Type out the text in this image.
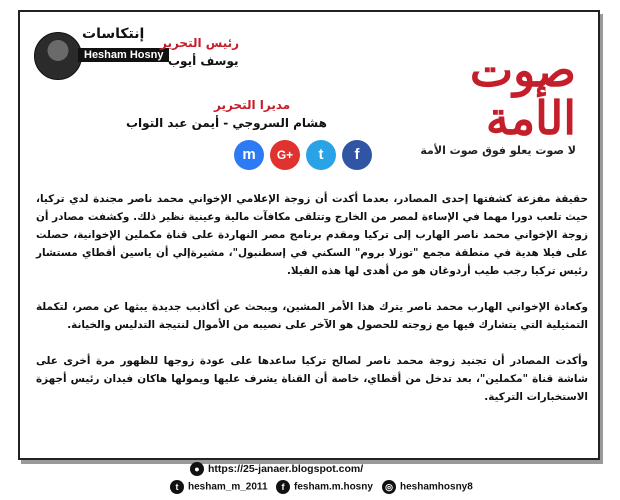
صوت الأمة
لا صوت يعلو فوق صوت الأمة
إنتكاسات
Hesham Hosny
رئيس التحرير
يوسف أيوب
مديرا التحرير
هشام السروجي - أيمن عبد التواب
m	G+	t	f

حقيقة مفزعة كشفتها إحدى المصادر، بعدما أكدت أن زوجة الإعلامي الإخواني محمد ناصر مجندة لدي تركيا، حيث تلعب دورا مهما في الإساءة لمصر من الخارج وتتلقى مكافآت مالية وعينية نظير ذلك. وكشفت مصادر أن زوجة الإخواني محمد ناصر الهارب إلى تركيا ومقدم برنامج مصر النهاردة على قناة مكملين الإخوانية، حصلت على فيلا هدية في منطقة مجمع "توزلا بروم" السكني في إسطنبول"، مشيرةإلي أن ياسين أقطاي مستشار رئيس تركيا رجب طيب أردوغان هو من أهدى لها هذه الفيلا.

وكعادة الإخواني الهارب محمد ناصر يترك هذا الأمر المشين، ويبحث عن أكاذيب جديدة يبثها عن مصر، لتكملة التمثيلية التي يتشارك فيها مع زوجته للحصول هو الآخر على نصيبه من الأموال لنتيجة التدليس والخيانة.

وأكدت المصادر أن تجنيد زوجة محمد ناصر لصالح تركيا ساعدها على عودة زوجها للظهور مرة أخرى على شاشة قناة "مكملين"، بعد تدخل من أقطاي، خاصة أن القناة يشرف عليها ويمولها هاكان فيدان رئيس أجهزة الاستخبارات التركية.

● https://25-janaer.blogspot.com/
t hesham_m_2011	f fesham.m.hosny	◎ heshamhosny8
